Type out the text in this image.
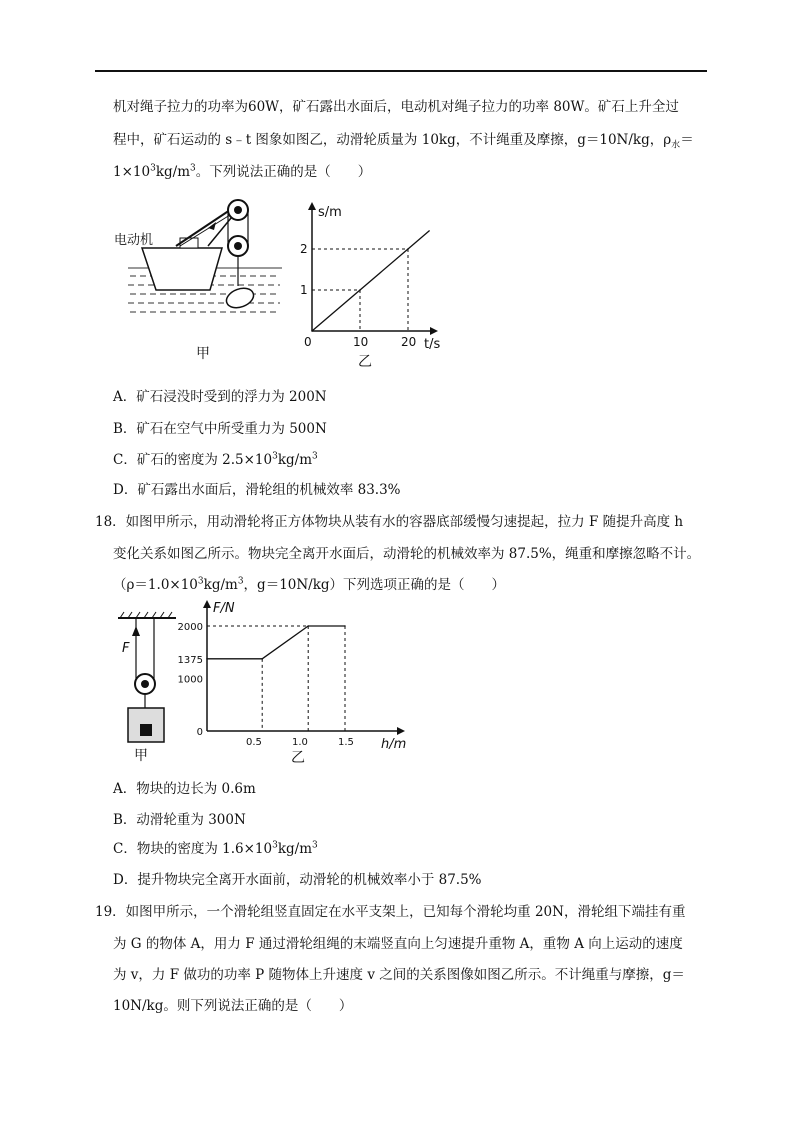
机对绳子拉力的功率为60W，矿石露出水面后，电动机对绳子拉力的功率 80W。矿石上升全过
程中，矿石运动的 s﹣t 图象如图乙，动滑轮质量为 10kg，不计绳重及摩擦，g＝10N/kg，$\rho_水=$
$1\times 10^3kg/m^3$。下列说法正确的是（　　）
电动机
甲
0	10	20
1
2
s/m
t/s
乙
A．矿石浸没时受到的浮力为 200N
B．矿石在空气中所受重力为 500N
C．矿石的密度为 $2.5\times 10^3kg/m^3$
D．矿石露出水面后，滑轮组的机械效率 83.3%
18．如图甲所示，用动滑轮将正方体物块从装有水的容器底部缓慢匀速提起，拉力 F 随提升高度 h
变化关系如图乙所示。物块完全离开水面后，动滑轮的机械效率为 87.5%，绳重和摩擦忽略不计。
（$\rho=1.0\times 10^3kg/m^3$，g＝10N/kg）下列选项正确的是（　　）
F
甲
0
1000
1375
2000
0.5	1.0	1.5
F/N
h/m
乙
A．物块的边长为 0.6m
B．动滑轮重为 300N
C．物块的密度为 $1.6\times 10^3kg/m^3$
D．提升物块完全离开水面前，动滑轮的机械效率小于 87.5%
19．如图甲所示，一个滑轮组竖直固定在水平支架上，已知每个滑轮均重 20N，滑轮组下端挂有重
为 G 的物体 A，用力 F 通过滑轮组绳的末端竖直向上匀速提升重物 A，重物 A 向上运动的速度
为 v，力 F 做功的功率 P 随物体上升速度 v 之间的关系图像如图乙所示。不计绳重与摩擦，g＝
10N/kg。则下列说法正确的是（　　）
